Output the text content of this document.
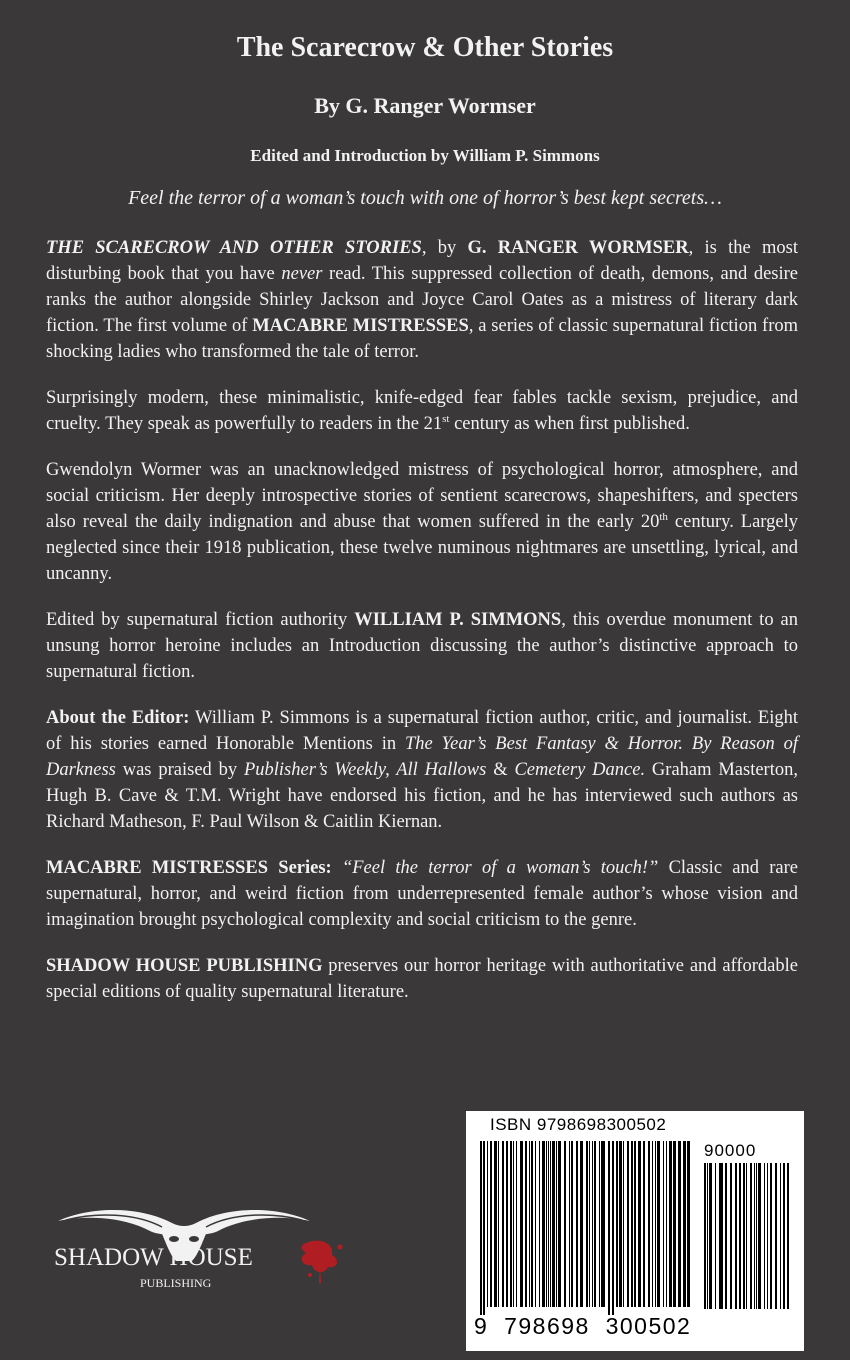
The Scarecrow & Other Stories
By G. Ranger Wormser
Edited and Introduction by William P. Simmons

Feel the terror of a woman’s touch with one of horror’s best kept secrets…

THE SCARECROW AND OTHER STORIES, by G. RANGER WORMSER, is the most disturbing book that you have never read. This suppressed collection of death, demons, and desire ranks the author alongside Shirley Jackson and Joyce Carol Oates as a mistress of literary dark fiction. The first volume of MACABRE MISTRESSES, a series of classic supernatural fiction from shocking ladies who transformed the tale of terror.

Surprisingly modern, these minimalistic, knife-edged fear fables tackle sexism, prejudice, and cruelty. They speak as powerfully to readers in the 21st century as when first published.

Gwendolyn Wormer was an unacknowledged mistress of psychological horror, atmosphere, and social criticism. Her deeply introspective stories of sentient scarecrows, shapeshifters, and specters also reveal the daily indignation and abuse that women suffered in the early 20th century. Largely neglected since their 1918 publication, these twelve numinous nightmares are unsettling, lyrical, and uncanny.

Edited by supernatural fiction authority WILLIAM P. SIMMONS, this overdue monument to an unsung horror heroine includes an Introduction discussing the author’s distinctive approach to supernatural fiction.

About the Editor: William P. Simmons is a supernatural fiction author, critic, and journalist. Eight of his stories earned Honorable Mentions in The Year’s Best Fantasy & Horror. By Reason of Darkness was praised by Publisher’s Weekly, All Hallows & Cemetery Dance. Graham Masterton, Hugh B. Cave & T.M. Wright have endorsed his fiction, and he has interviewed such authors as Richard Matheson, F. Paul Wilson & Caitlin Kiernan.

MACABRE MISTRESSES Series: “Feel the terror of a woman’s touch!” Classic and rare supernatural, horror, and weird fiction from underrepresented female author’s whose vision and imagination brought psychological complexity and social criticism to the genre.

SHADOW HOUSE PUBLISHING preserves our horror heritage with authoritative and affordable special editions of quality supernatural literature.

SHADOW HOUSE
PUBLISHING
ISBN 9798698300502
90000
9  798698  300502
